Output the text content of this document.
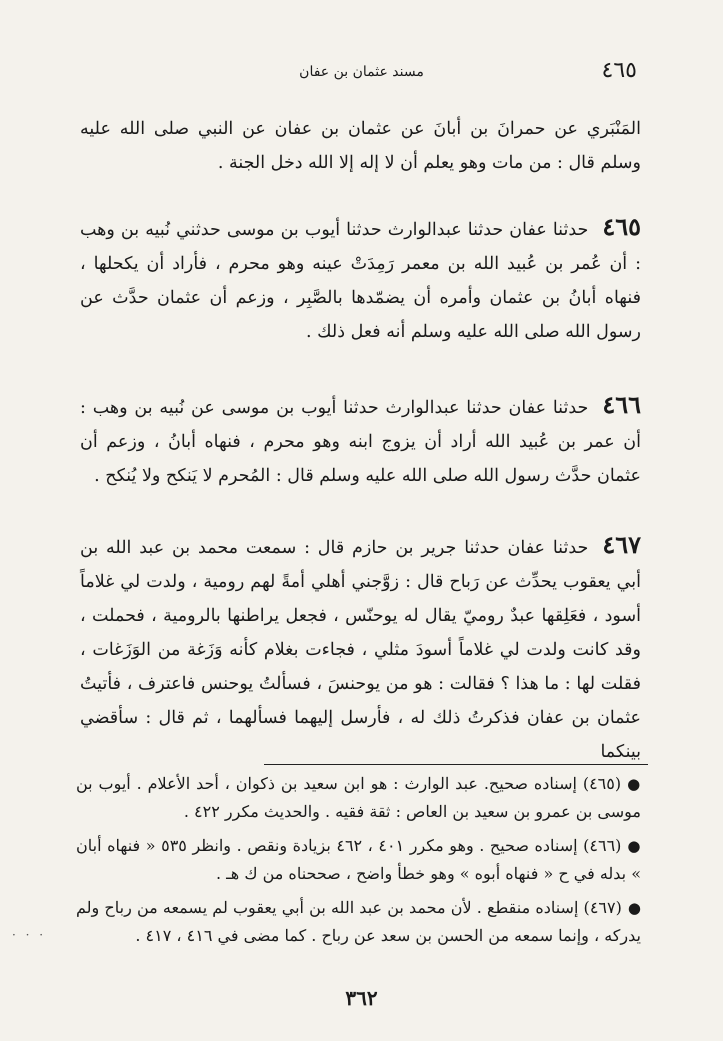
٤٦٥
مسند عثمان بن عفان
المَنْبَري عن حمرانَ بن أبانَ عن عثمان بن عفان عن النبي صلى الله عليه وسلم قال : من مات وهو يعلم أن لا إله إلا الله دخل الجنة .
٤٦٥حدثنا عفان حدثنا عبدالوارث حدثنا أيوب بن موسى حدثني نُبيه بن وهب : أن عُمر بن عُبيد الله بن معمر رَمِدَتْ عينه وهو محرم ، فأراد أن يكحلها ، فنهاه أبانُ بن عثمان وأمره أن يضمّدها بالصَّبِر ، وزعم أن عثمان حدَّث عن رسول الله صلى الله عليه وسلم أنه فعل ذلك .
٤٦٦حدثنا عفان حدثنا عبدالوارث حدثنا أيوب بن موسى عن نُبيه بن وهب : أن عمر بن عُبيد الله أراد أن يزوج ابنه وهو محرم ، فنهاه أبانُ ، وزعم أن عثمان حدَّث رسول الله صلى الله عليه وسلم قال : المُحرم لا يَنكح ولا يُنكح .
٤٦٧حدثنا عفان حدثنا جرير بن حازم قال : سمعت محمد بن عبد الله بن أبي يعقوب يحدِّث عن رَباح قال : زوَّجني أهلي أمةً لهم رومية ، ولدت لي غلاماً أسود ، فعَلِقها عبدٌ روميّ يقال له يوحنّس ، فجعل يراطنها بالرومية ، فحملت ، وقد كانت ولدت لي غلاماً أسودَ مثلي ، فجاءت بغلام كأنه وَزَغة من الوَزَغات ، فقلت لها : ما هذا ؟ فقالت : هو من يوحنسَ ، فسألتُ يوحنس فاعترف ، فأتيتُ عثمان بن عفان فذكرتُ ذلك له ، فأرسل إليهما فسألهما ، ثم قال : سأقضي بينكما
●(٤٦٥) إسناده صحيح. عبد الوارث : هو ابن سعيد بن ذكوان ، أحد الأعلام . أيوب بن موسى بن عمرو بن سعيد بن العاص : ثقة فقيه . والحديث مكرر ٤٢٢ .
●(٤٦٦) إسناده صحيح . وهو مكرر ٤٠١ ، ٤٦٢ بزيادة ونقص . وانظر ٥٣٥ « فنهاه أبان » بدله في ح « فنهاه أبوه » وهو خطأ واضح ، صححناه من ك هـ .
●(٤٦٧) إسناده منقطع . لأن محمد بن عبد الله بن أبي يعقوب لم يسمعه من رباح ولم يدركه ، وإنما سمعه من الحسن بن سعد عن رباح . كما مضى في ٤١٦ ، ٤١٧ .
· · ·
٣٦٢
